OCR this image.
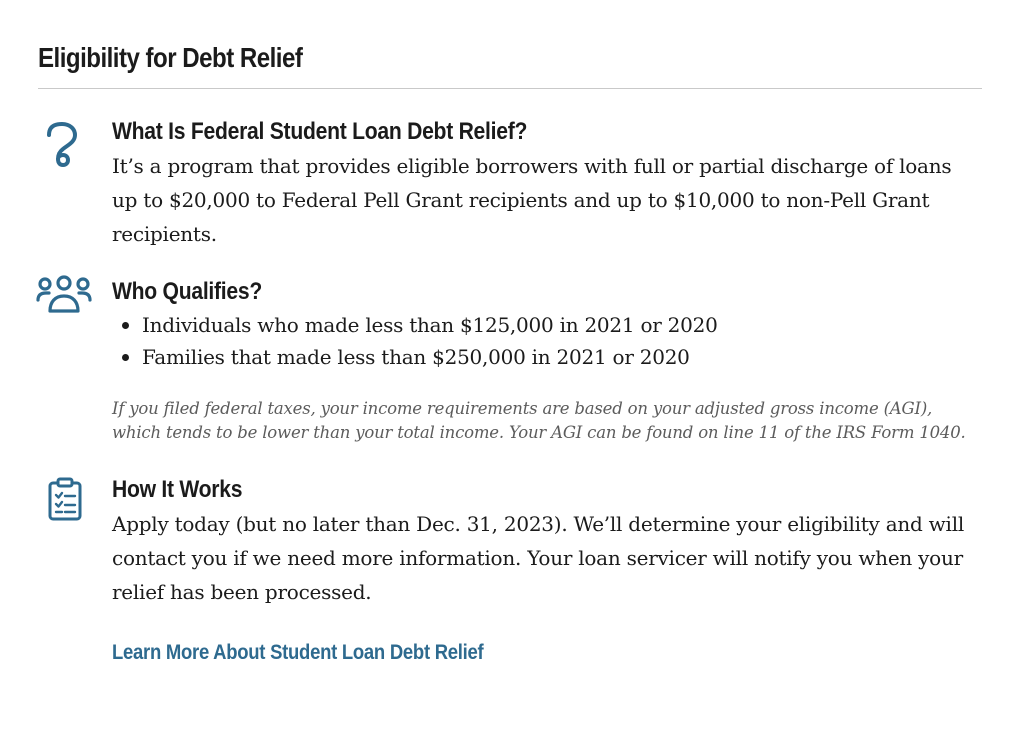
Eligibility for Debt Relief
What Is Federal Student Loan Debt Relief?

It’s a program that provides eligible borrowers with full or partial discharge of loans up to $20,000 to Federal Pell Grant recipients and up to $10,000 to non-Pell Grant recipients.

Who Qualifies?
Individuals who made less than $125,000 in 2021 or 2020
Families that made less than $250,000 in 2021 or 2020

If you filed federal taxes, your income requirements are based on your adjusted gross income (AGI), which tends to be lower than your total income. Your AGI can be found on line 11 of the IRS Form 1040.

How It Works

Apply today (but no later than Dec. 31, 2023). We’ll determine your eligibility and will contact you if we need more information. Your loan servicer will notify you when your relief has been processed.

Learn More About Student Loan Debt Relief
